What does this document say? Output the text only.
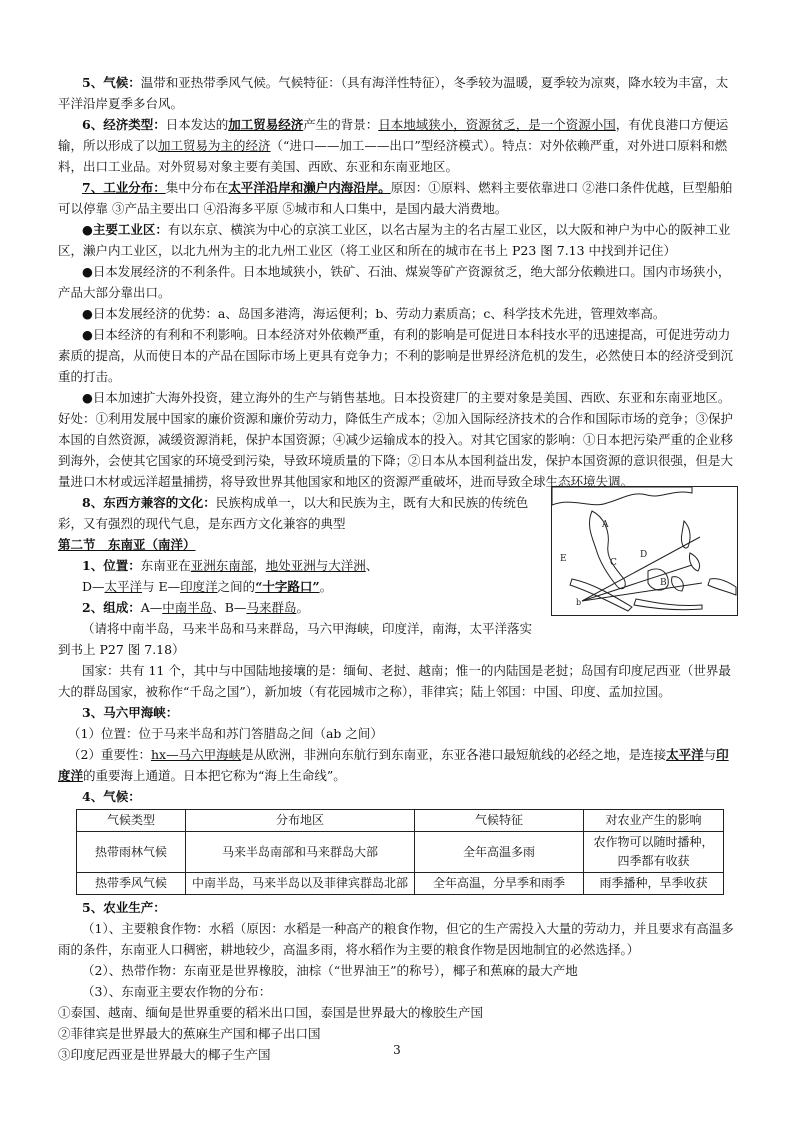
5、气候：温带和亚热带季风气候。气候特征：（具有海洋性特征），冬季较为温暖，夏季较为凉爽，降水较为丰富，太平洋沿岸夏季多台风。

6、经济类型：日本发达的加工贸易经济产生的背景：日本地域狭小，资源贫乏，是一个资源小国，有优良港口方便运输，所以形成了以加工贸易为主的经济（“进口——加工——出口”型经济模式）。特点：对外依赖严重，对外进口原料和燃料，出口工业品。对外贸易对象主要有美国、西欧、东亚和东南亚地区。

7、工业分布：集中分布在太平洋沿岸和濑户内海沿岸。原因：①原料、燃料主要依靠进口 ②港口条件优越，巨型船舶可以停靠 ③产品主要出口 ④沿海多平原 ⑤城市和人口集中，是国内最大消费地。

●主要工业区：有以东京、横滨为中心的京滨工业区，以名古屋为主的名古屋工业区，以大阪和神户为中心的阪神工业区，濑户内工业区，以北九州为主的北九州工业区（将工业区和所在的城市在书上 P23 图 7.13 中找到并记住）

●日本发展经济的不利条件。日本地域狭小，铁矿、石油、煤炭等矿产资源贫乏，绝大部分依赖进口。国内市场狭小，产品大部分靠出口。

●日本发展经济的优势：a、岛国多港湾，海运便利；b、劳动力素质高；c、科学技术先进，管理效率高。

●日本经济的有利和不利影响。日本经济对外依赖严重，有利的影响是可促进日本科技水平的迅速提高，可促进劳动力素质的提高，从而使日本的产品在国际市场上更具有竞争力；不利的影响是世界经济危机的发生，必然使日本的经济受到沉重的打击。

●日本加速扩大海外投资，建立海外的生产与销售基地。日本投资建厂的主要对象是美国、西欧、东亚和东南亚地区。好处：①利用发展中国家的廉价资源和廉价劳动力，降低生产成本；②加入国际经济技术的合作和国际市场的竞争；③保护本国的自然资源，减缓资源消耗，保护本国资源；④减少运输成本的投入。对其它国家的影响：①日本把污染严重的企业移到海外，会使其它国家的环境受到污染，导致环境质量的下降；②日本从本国利益出发，保护本国资源的意识很强，但是大量进口木材或远洋超量捕捞，将导致世界其他国家和地区的资源严重破坏，进而导致全球生态环境失调。

A
B
C
D
E
b

8、东西方兼容的文化：民族构成单一，以大和民族为主，既有大和民族的传统色彩，又有强烈的现代气息，是东西方文化兼容的典型

第二节　东南亚（南洋）

1、位置：东南亚在亚洲东南部，地处亚洲与大洋洲、

D—太平洋与 E—印度洋之间的“十字路口”。

2、组成：A—中南半岛、B—马来群岛。

（请将中南半岛，马来半岛和马来群岛，马六甲海峡，印度洋，南海，太平洋落实到书上 P27 图 7.18）

国家：共有 11 个，其中与中国陆地接壤的是：缅甸、老挝、越南；惟一的内陆国是老挝；岛国有印度尼西亚（世界最大的群岛国家，被称作“千岛之国”），新加坡（有花园城市之称），菲律宾；陆上邻国：中国、印度、孟加拉国。

3、马六甲海峡：

（1）位置：位于马来半岛和苏门答腊岛之间（ab 之间）

（2）重要性：hx—马六甲海峡是从欧洲，非洲向东航行到东南亚，东亚各港口最短航线的必经之地，是连接太平洋与印度洋的重要海上通道。日本把它称为“海上生命线”。

4、气候：

气候类型	分布地区	气候特征	对农业产生的影响
热带雨林气候	马来半岛南部和马来群岛大部	全年高温多雨	农作物可以随时播种，四季都有收获
热带季风气候	中南半岛，马来半岛以及菲律宾群岛北部	全年高温，分旱季和雨季	雨季播种，旱季收获

5、农业生产：

（1）、主要粮食作物：水稻（原因：水稻是一种高产的粮食作物，但它的生产需投入大量的劳动力，并且要求有高温多雨的条件，东南亚人口稠密，耕地较少，高温多雨，将水稻作为主要的粮食作物是因地制宜的必然选择。）

（2）、热带作物：东南亚是世界橡胶，油棕（“世界油王”的称号），椰子和蕉麻的最大产地

（3）、东南亚主要农作物的分布：

①泰国、越南、缅甸是世界重要的稻米出口国，泰国是世界最大的橡胶生产国

②菲律宾是世界最大的蕉麻生产国和椰子出口国

③印度尼西亚是世界最大的椰子生产国	3
